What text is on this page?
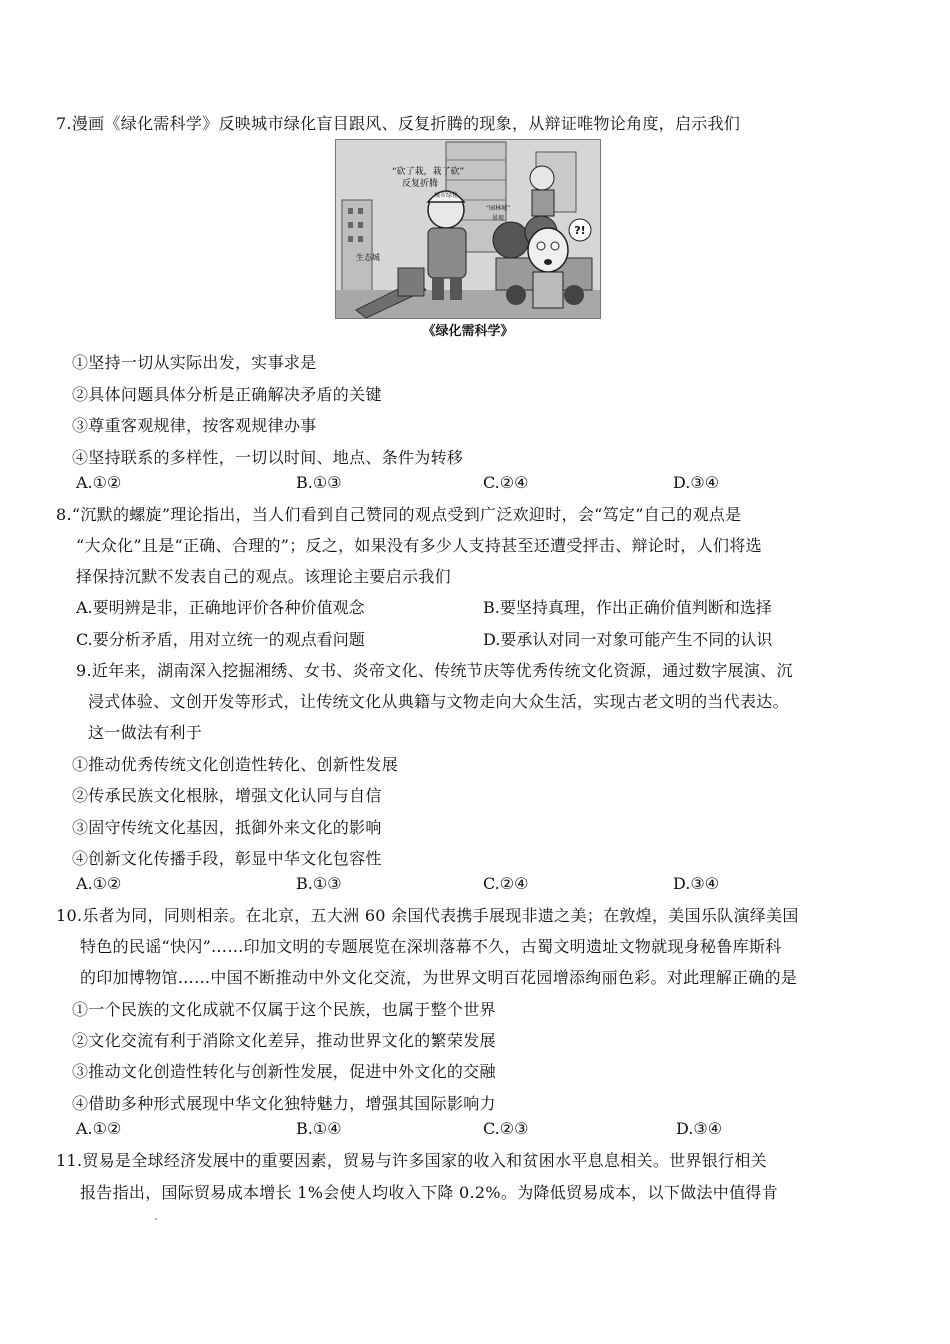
7.漫画《绿化需科学》反映城市绿化盲目跟风、反复折腾的现象，从辩证唯物论角度，启示我们
?!
“砍了栽，栽了砍”
反复折腾
城市绿化
生态城
“园林城”
景观
《绿化需科学》
①坚持一切从实际出发，实事求是
②具体问题具体分析是正确解决矛盾的关键
③尊重客观规律，按客观规律办事
④坚持联系的多样性，一切以时间、地点、条件为转移
A.①②	B.①③	C.②④	D.③④
8.“沉默的螺旋”理论指出，当人们看到自己赞同的观点受到广泛欢迎时，会“笃定”自己的观点是
“大众化”且是“正确、合理的”；反之，如果没有多少人支持甚至还遭受抨击、辩论时，人们将选
择保持沉默不发表自己的观点。该理论主要启示我们
A.要明辨是非，正确地评价各种价值观念	B.要坚持真理，作出正确价值判断和选择
C.要分析矛盾，用对立统一的观点看问题	D.要承认对同一对象可能产生不同的认识
9.近年来，湖南深入挖掘湘绣、女书、炎帝文化、传统节庆等优秀传统文化资源，通过数字展演、沉
浸式体验、文创开发等形式，让传统文化从典籍与文物走向大众生活，实现古老文明的当代表达。
这一做法有利于
①推动优秀传统文化创造性转化、创新性发展
②传承民族文化根脉，增强文化认同与自信
③固守传统文化基因，抵御外来文化的影响
④创新文化传播手段，彰显中华文化包容性
A.①②	B.①③	C.②④	D.③④
10.乐者为同，同则相亲。在北京，五大洲 60 余国代表携手展现非遗之美；在敦煌，美国乐队演绎美国
特色的民谣“快闪”……印加文明的专题展览在深圳落幕不久，古蜀文明遗址文物就现身秘鲁库斯科
的印加博物馆……中国不断推动中外文化交流，为世界文明百花园增添绚丽色彩。对此理解正确的是
①一个民族的文化成就不仅属于这个民族，也属于整个世界
②文化交流有利于消除文化差异，推动世界文化的繁荣发展
③推动文化创造性转化与创新性发展，促进中外文化的交融
④借助多种形式展现中华文化独特魅力，增强其国际影响力
A.①②	B.①④	C.②③	D.③④
11.贸易是全球经济发展中的重要因素，贸易与许多国家的收入和贫困水平息息相关。世界银行相关
报告指出，国际贸易成本增长 1%会使人均收入下降 0.2%。为降低贸易成本，以下做法中值得肯
